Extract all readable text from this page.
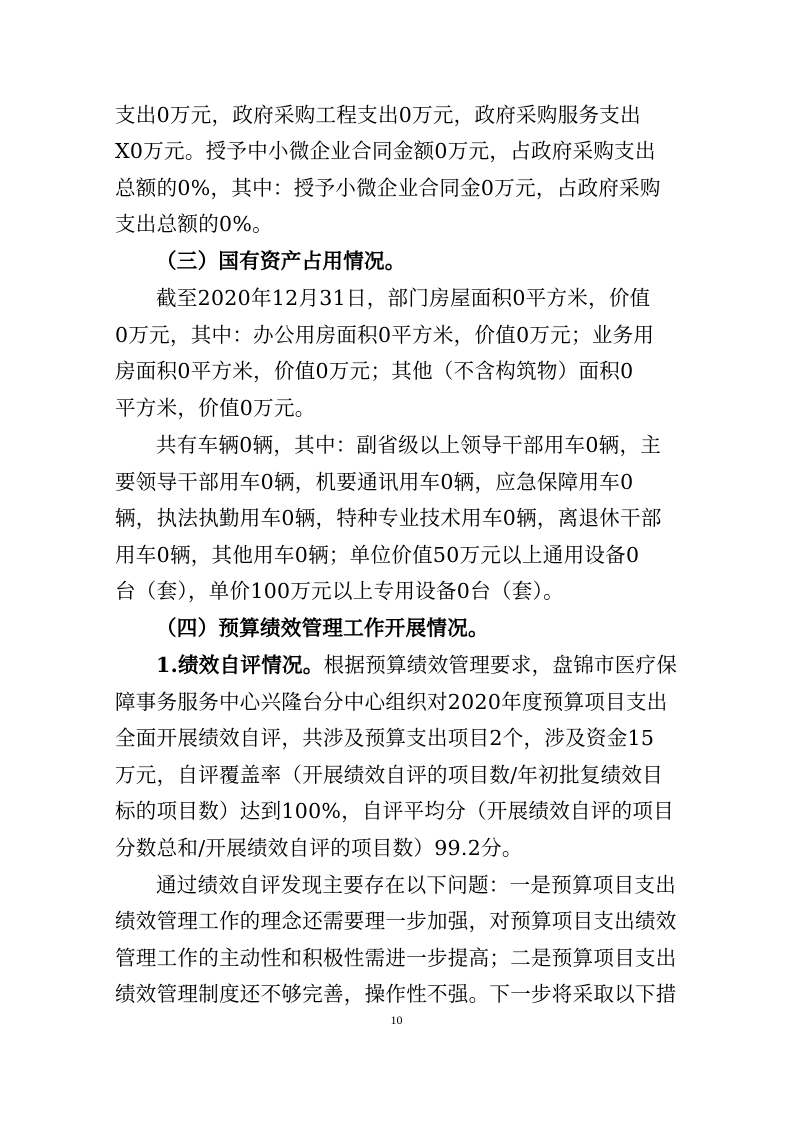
支出0万元，政府采购工程支出0万元，政府采购服务支出
X0万元。授予中小微企业合同金额0万元，占政府采购支出
总额的0%，其中：授予小微企业合同金0万元，占政府采购
支出总额的0%。
（三）国有资产占用情况。
截至2020年12月31日，部门房屋面积0平方米，价值
0万元，其中：办公用房面积0平方米，价值0万元；业务用
房面积0平方米，价值0万元；其他（不含构筑物）面积0
平方米，价值0万元。
共有车辆0辆，其中：副省级以上领导干部用车0辆，主
要领导干部用车0辆，机要通讯用车0辆，应急保障用车0
辆，执法执勤用车0辆，特种专业技术用车0辆，离退休干部
用车0辆，其他用车0辆；单位价值50万元以上通用设备0
台（套），单价100万元以上专用设备0台（套）。
（四）预算绩效管理工作开展情况。
1.绩效自评情况。根据预算绩效管理要求，盘锦市医疗保
障事务服务中心兴隆台分中心组织对2020年度预算项目支出
全面开展绩效自评，共涉及预算支出项目2个，涉及资金15
万元，自评覆盖率（开展绩效自评的项目数/年初批复绩效目
标的项目数）达到100%，自评平均分（开展绩效自评的项目
分数总和/开展绩效自评的项目数）99.2分。
通过绩效自评发现主要存在以下问题：一是预算项目支出
绩效管理工作的理念还需要理一步加强，对预算项目支出绩效
管理工作的主动性和积极性需进一步提高；二是预算项目支出
绩效管理制度还不够完善，操作性不强。下一步将采取以下措
10
